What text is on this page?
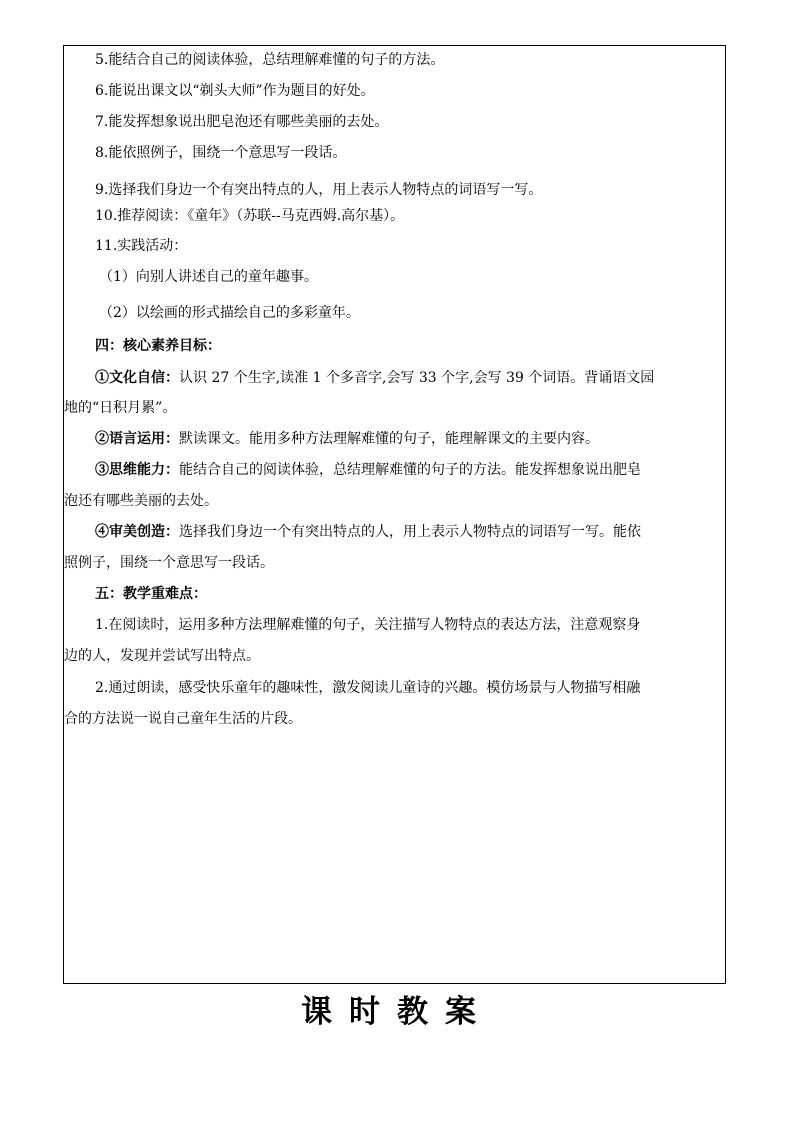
5.能结合自己的阅读体验，总结理解难懂的句子的方法。
6.能说出课文以“剃头大师”作为题目的好处。
7.能发挥想象说出肥皂泡还有哪些美丽的去处。
8.能依照例子，围绕一个意思写一段话。
9.选择我们身边一个有突出特点的人，用上表示人物特点的词语写一写。
10.推荐阅读：《童年》（苏联--马克西姆.高尔基）。
11.实践活动：
（1）向别人讲述自己的童年趣事。
（2）以绘画的形式描绘自己的多彩童年。
四：核心素养目标：
①文化自信：认识 27 个生字,读准 1 个多音字,会写 33 个字,会写 39 个词语。背诵语文园
地的“日积月累”。
②语言运用：默读课文。能用多种方法理解难懂的句子，能理解课文的主要内容。
③思维能力：能结合自己的阅读体验，总结理解难懂的句子的方法。能发挥想象说出肥皂
泡还有哪些美丽的去处。
④审美创造：选择我们身边一个有突出特点的人，用上表示人物特点的词语写一写。能依
照例子，围绕一个意思写一段话。
五：教学重难点：
1.在阅读时，运用多种方法理解难懂的句子，关注描写人物特点的表达方法，注意观察身
边的人，发现并尝试写出特点。
2.通过朗读，感受快乐童年的趣味性，激发阅读儿童诗的兴趣。模仿场景与人物描写相融
合的方法说一说自己童年生活的片段。
课时教案
